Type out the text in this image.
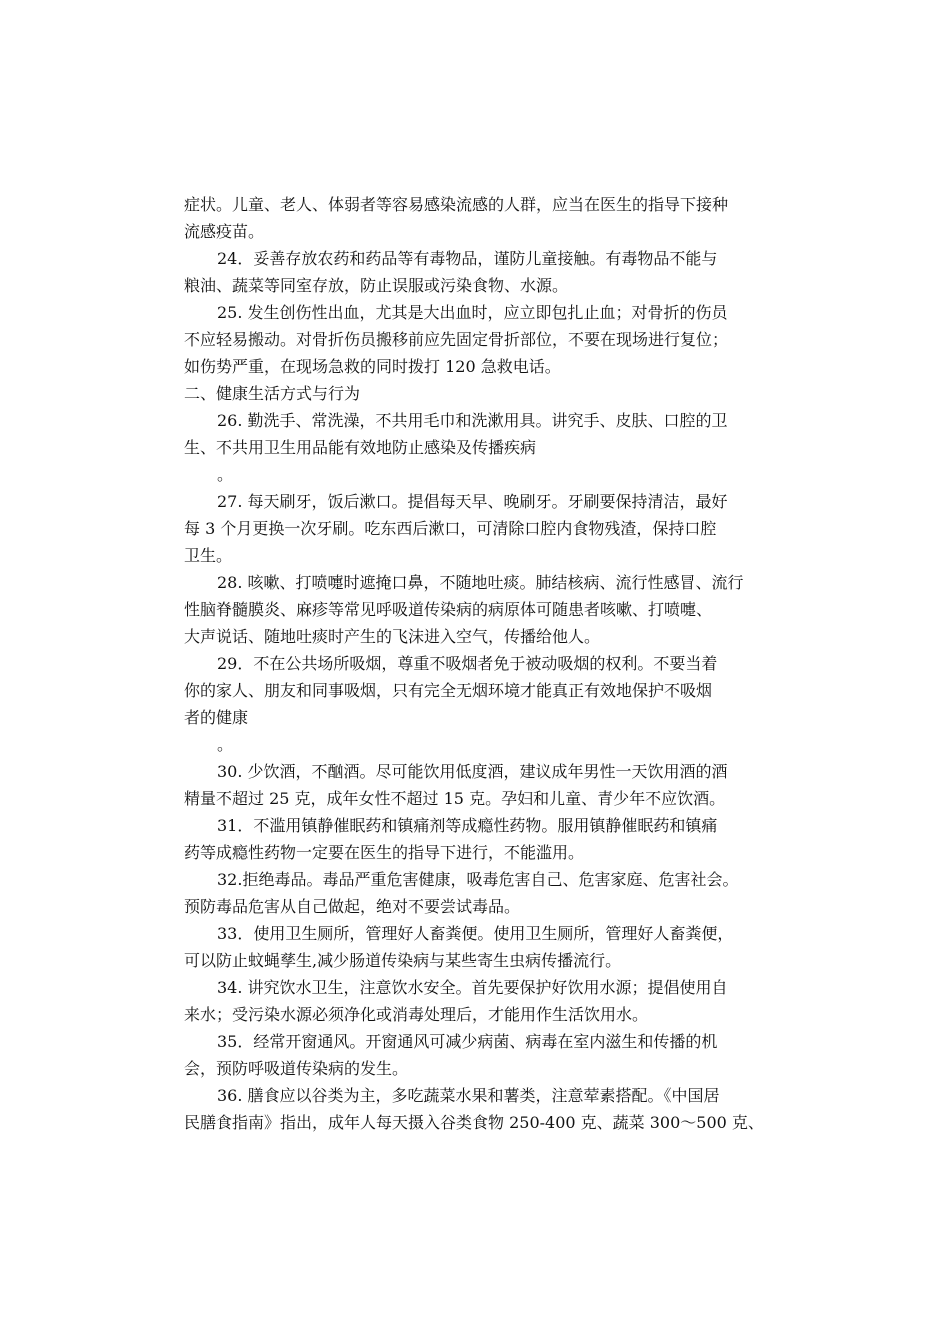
症状。儿童、老人、体弱者等容易感染流感的人群，应当在医生的指导下接种
流感疫苗。

24．妥善存放农药和药品等有毒物品，谨防儿童接触。有毒物品不能与
粮油、蔬菜等同室存放，防止误服或污染食物、水源。

25. 发生创伤性出血，尤其是大出血时，应立即包扎止血；对骨折的伤员
不应轻易搬动。对骨折伤员搬移前应先固定骨折部位，不要在现场进行复位；
如伤势严重，在现场急救的同时拨打 120 急救电话。

二、健康生活方式与行为

26. 勤洗手、常洗澡，不共用毛巾和洗漱用具。讲究手、皮肤、口腔的卫
生、不共用卫生用品能有效地防止感染及传播疾病
。

27. 每天刷牙，饭后漱口。提倡每天早、晚刷牙。牙刷要保持清洁，最好
每 3 个月更换一次牙刷。吃东西后漱口，可清除口腔内食物残渣，保持口腔
卫生。

28. 咳嗽、打喷嚏时遮掩口鼻，不随地吐痰。肺结核病、流行性感冒、流行
性脑脊髓膜炎、麻疹等常见呼吸道传染病的病原体可随患者咳嗽、打喷嚏、
大声说话、随地吐痰时产生的飞沫进入空气，传播给他人。

29．不在公共场所吸烟，尊重不吸烟者免于被动吸烟的权利。不要当着
你的家人、朋友和同事吸烟，只有完全无烟环境才能真正有效地保护不吸烟
者的健康
。

30. 少饮酒，不酗酒。尽可能饮用低度酒，建议成年男性一天饮用酒的酒
精量不超过 25 克，成年女性不超过 15 克。孕妇和儿童、青少年不应饮酒。

31．不滥用镇静催眠药和镇痛剂等成瘾性药物。服用镇静催眠药和镇痛
药等成瘾性药物一定要在医生的指导下进行，不能滥用。

32.拒绝毒品。毒品严重危害健康，吸毒危害自己、危害家庭、危害社会。
预防毒品危害从自己做起，绝对不要尝试毒品。

33．使用卫生厕所，管理好人畜粪便。使用卫生厕所，管理好人畜粪便，
可以防止蚊蝇孳生,减少肠道传染病与某些寄生虫病传播流行。

34. 讲究饮水卫生，注意饮水安全。首先要保护好饮用水源；提倡使用自
来水；受污染水源必须净化或消毒处理后，才能用作生活饮用水。

35．经常开窗通风。开窗通风可减少病菌、病毒在室内滋生和传播的机
会，预防呼吸道传染病的发生。

36. 膳食应以谷类为主，多吃蔬菜水果和薯类，注意荤素搭配。《中国居
民膳食指南》指出，成年人每天摄入谷类食物 250-400 克、蔬菜 300～500 克、
